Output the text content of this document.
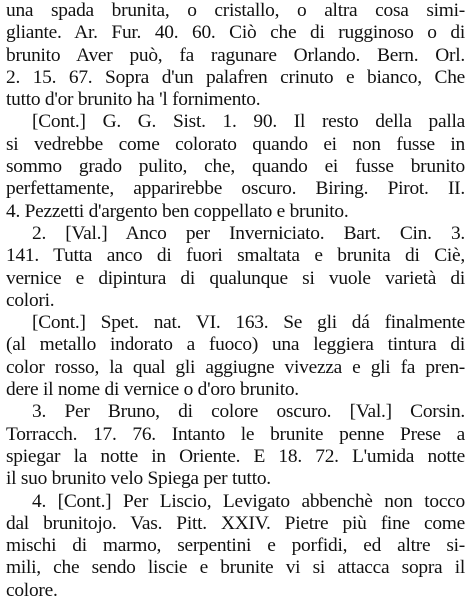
una spada brunita, o cristallo, o altra cosa simi-
gliante. Ar. Fur. 40. 60. Ciò che di rugginoso o di
brunito Aver può, fa ragunare Orlando. Bern. Orl.
2. 15. 67. Sopra d'un palafren crinuto e bianco, Che
tutto d'or brunito ha 'l fornimento.
[Cont.] G. G. Sist. 1. 90. Il resto della palla
si vedrebbe come colorato quando ei non fusse in
sommo grado pulito, che, quando ei fusse brunito
perfettamente, apparirebbe oscuro. Biring. Pirot. II.
4. Pezzetti d'argento ben coppellato e brunito.
2. [Val.] Anco per Inverniciato. Bart. Cin. 3.
141. Tutta anco di fuori smaltata e brunita di Ciè,
vernice e dipintura di qualunque si vuole varietà di
colori.
[Cont.] Spet. nat. VI. 163. Se gli dá finalmente
(al metallo indorato a fuoco) una leggiera tintura di
color rosso, la qual gli aggiugne vivezza e gli fa pren-
dere il nome di vernice o d'oro brunito.
3. Per Bruno, di colore oscuro. [Val.] Corsin.
Torracch. 17. 76. Intanto le brunite penne Prese a
spiegar la notte in Oriente. E 18. 72. L'umida notte
il suo brunito velo Spiega per tutto.
4. [Cont.] Per Liscio, Levigato abbenchè non tocco
dal brunitojo. Vas. Pitt. XXIV. Pietre più fine come
mischi di marmo, serpentini e porfidi, ed altre si-
mili, che sendo liscie e brunite vi si attacca sopra il
colore.
